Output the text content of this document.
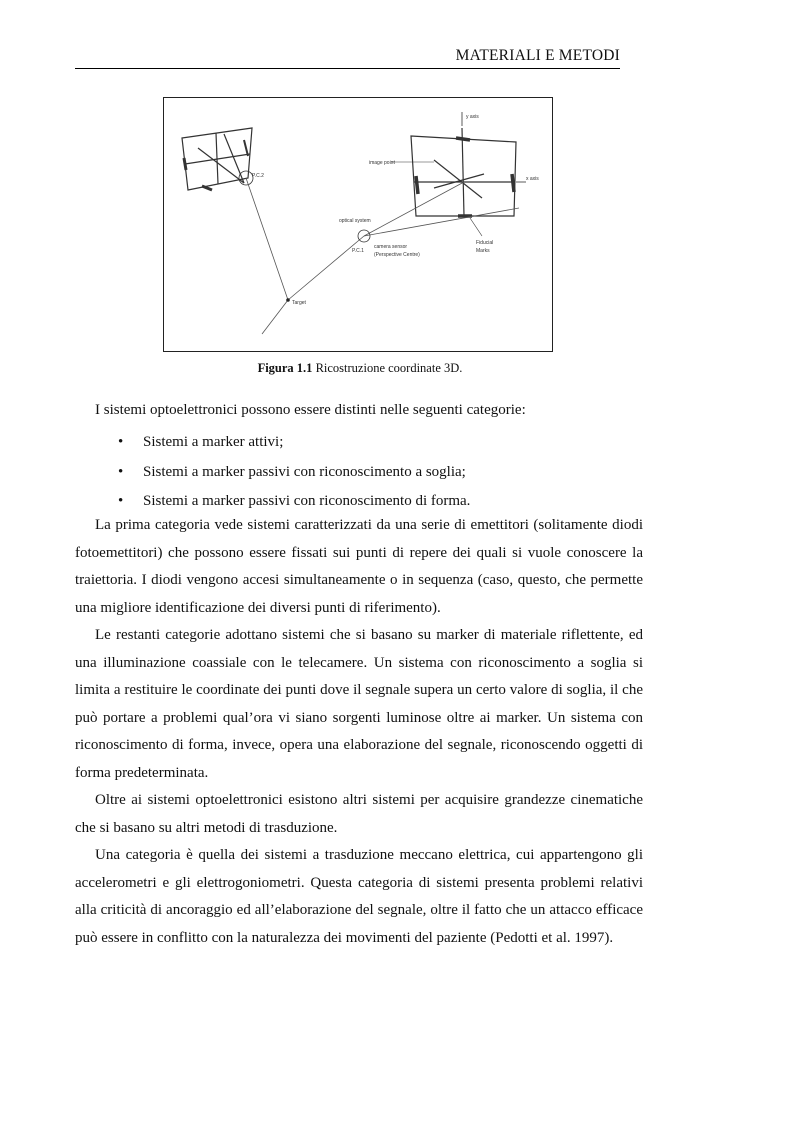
MATERIALI E METODI
P.C.2
y axis
x axis
image point
Fiducial
Marks
P.C.1
optical system
camera sensor
(Perspective Centre)
Target
Figura 1.1 Ricostruzione coordinate 3D.
I sistemi optoelettronici possono essere distinti nelle seguenti categorie:
• Sistemi a marker attivi;
• Sistemi a marker passivi con riconoscimento a soglia;
• Sistemi a marker passivi con riconoscimento di forma.

La prima categoria vede sistemi caratterizzati da una serie di emettitori (solitamente diodi fotoemettitori) che possono essere fissati sui punti di repere dei quali si vuole conoscere la traiettoria. I diodi vengono accesi simultaneamente o in sequenza (caso, questo, che permette una migliore identificazione dei diversi punti di riferimento).

Le restanti categorie adottano sistemi che si basano su marker di materiale riflettente, ed una illuminazione coassiale con le telecamere. Un sistema con riconoscimento a soglia si limita a restituire le coordinate dei punti dove il segnale supera un certo valore di soglia, il che può portare a problemi qual’ora vi siano sorgenti luminose oltre ai marker. Un sistema con riconoscimento di forma, invece, opera una elaborazione del segnale, riconoscendo oggetti di forma predeterminata.

Oltre ai sistemi optoelettronici esistono altri sistemi per acquisire grandezze cinematiche che si basano su altri metodi di trasduzione.

Una categoria è quella dei sistemi a trasduzione meccano elettrica, cui appartengono gli accelerometri e gli elettrogoniometri. Questa categoria di sistemi presenta problemi relativi alla criticità di ancoraggio ed all’elaborazione del segnale, oltre il fatto che un attacco efficace può essere in conflitto con la naturalezza dei movimenti del paziente (Pedotti et al. 1997).
